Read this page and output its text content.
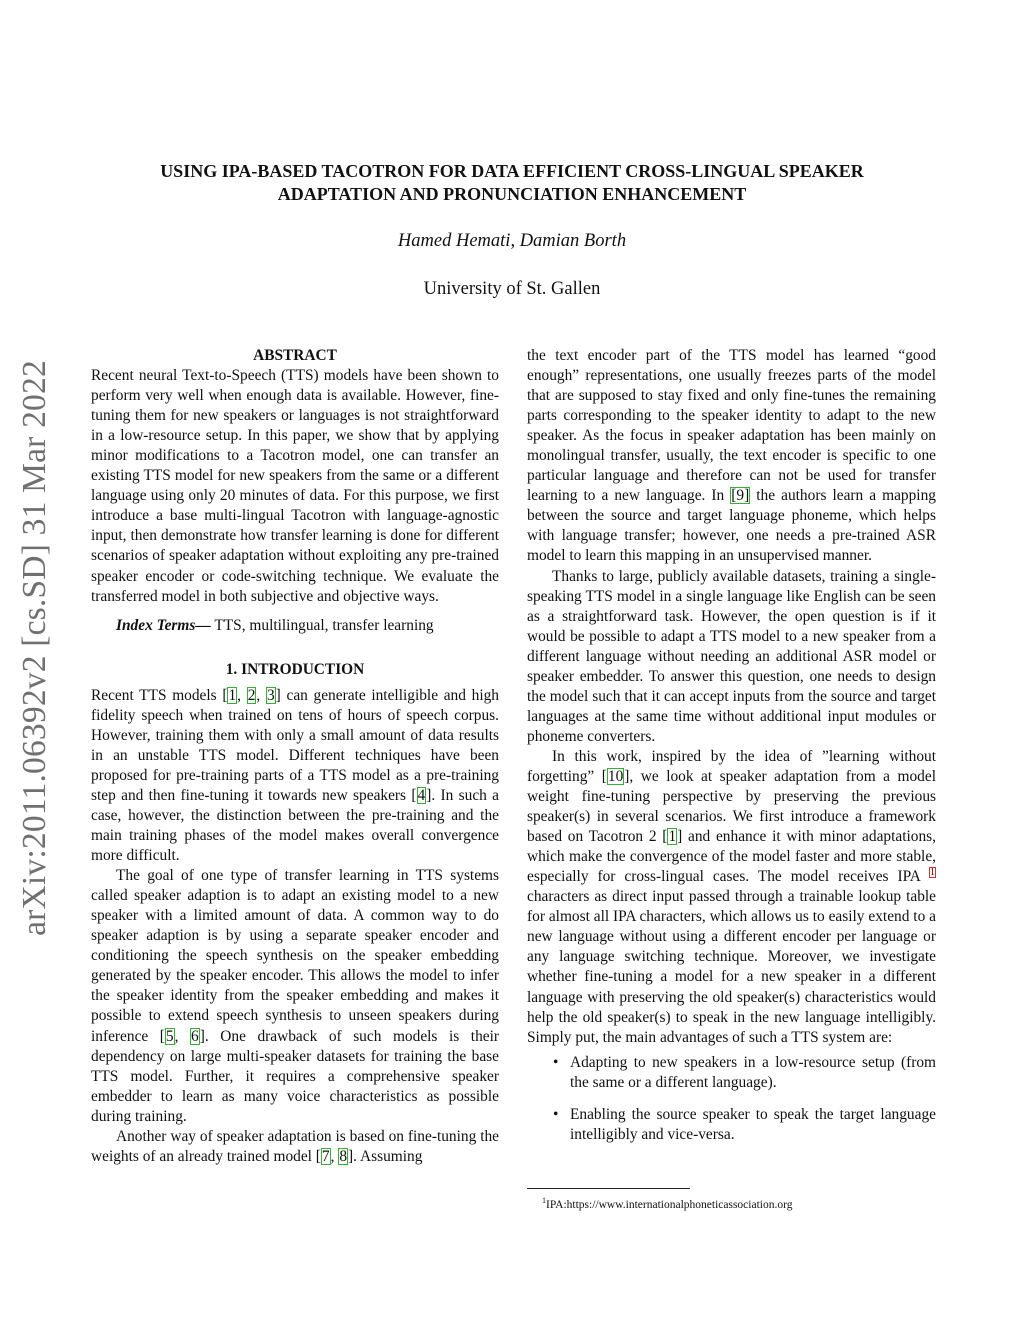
arXiv:2011.06392v2 [cs.SD] 31 Mar 2022
USING IPA-BASED TACOTRON FOR DATA EFFICIENT CROSS-LINGUAL SPEAKER
ADAPTATION AND PRONUNCIATION ENHANCEMENT
Hamed Hemati, Damian Borth
University of St. Gallen

ABSTRACT

Recent neural Text-to-Speech (TTS) models have been shown to perform very well when enough data is available. However, fine-tuning them for new speakers or languages is not straightforward in a low-resource setup. In this paper, we show that by applying minor modifications to a Tacotron model, one can transfer an existing TTS model for new speakers from the same or a different language using only 20 minutes of data. For this purpose, we first introduce a base multi-lingual Tacotron with language-agnostic input, then demonstrate how transfer learning is done for different scenarios of speaker adaptation without exploiting any pre-trained speaker encoder or code-switching technique. We evaluate the transferred model in both subjective and objective ways.

Index Terms— TTS, multilingual, transfer learning

1. INTRODUCTION

Recent TTS models [1, 2, 3] can generate intelligible and high fidelity speech when trained on tens of hours of speech corpus. However, training them with only a small amount of data results in an unstable TTS model. Different techniques have been proposed for pre-training parts of a TTS model as a pre-training step and then fine-tuning it towards new speakers [4]. In such a case, however, the distinction between the pre-training and the main training phases of the model makes overall convergence more difficult.

The goal of one type of transfer learning in TTS systems called speaker adaption is to adapt an existing model to a new speaker with a limited amount of data. A common way to do speaker adaption is by using a separate speaker encoder and conditioning the speech synthesis on the speaker embedding generated by the speaker encoder. This allows the model to infer the speaker identity from the speaker embedding and makes it possible to extend speech synthesis to unseen speakers during inference [5, 6]. One drawback of such models is their dependency on large multi-speaker datasets for training the base TTS model. Further, it requires a comprehensive speaker embedder to learn as many voice characteristics as possible during training.

Another way of speaker adaptation is based on fine-tuning the weights of an already trained model [7, 8]. Assuming

the text encoder part of the TTS model has learned “good enough” representations, one usually freezes parts of the model that are supposed to stay fixed and only fine-tunes the remaining parts corresponding to the speaker identity to adapt to the new speaker. As the focus in speaker adaptation has been mainly on monolingual transfer, usually, the text encoder is specific to one particular language and therefore can not be used for transfer learning to a new language. In [9] the authors learn a mapping between the source and target language phoneme, which helps with language transfer; however, one needs a pre-trained ASR model to learn this mapping in an unsupervised manner.

Thanks to large, publicly available datasets, training a single-speaking TTS model in a single language like English can be seen as a straightforward task. However, the open question is if it would be possible to adapt a TTS model to a new speaker from a different language without needing an additional ASR model or speaker embedder. To answer this question, one needs to design the model such that it can accept inputs from the source and target languages at the same time without additional input modules or phoneme converters.

In this work, inspired by the idea of ”learning without forgetting” [10], we look at speaker adaptation from a model weight fine-tuning perspective by preserving the previous speaker(s) in several scenarios. We first introduce a framework based on Tacotron 2 [1] and enhance it with minor adaptations, which make the convergence of the model faster and more stable, especially for cross-lingual cases. The model receives IPA $^1$ characters as direct input passed through a trainable lookup table for almost all IPA characters, which allows us to easily extend to a new language without using a different encoder per language or any language switching technique. Moreover, we investigate whether fine-tuning a model for a new speaker in a different language with preserving the old speaker(s) characteristics would help the old speaker(s) to speak in the new language intelligibly. Simply put, the main advantages of such a TTS system are:

• Adapting to new speakers in a low-resource setup (from the same or a different language).
• Enabling the source speaker to speak the target language intelligibly and vice-versa.
$^1$IPA:https://www.internationalphoneticassociation.org
